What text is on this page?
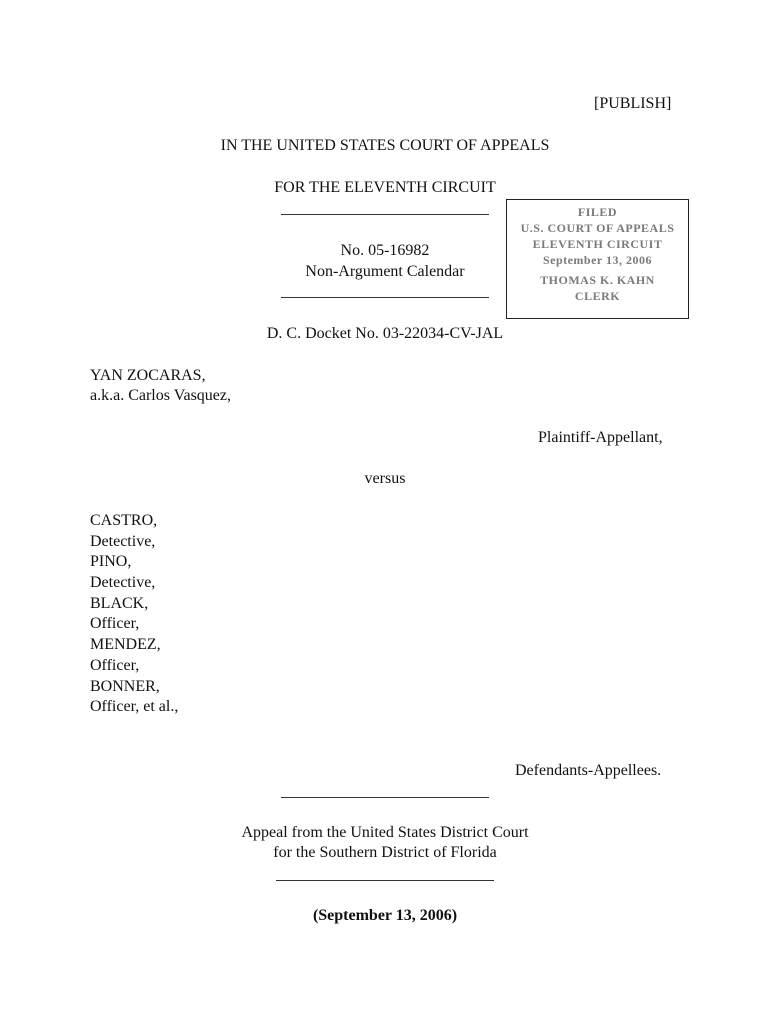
[PUBLISH]
IN THE UNITED STATES COURT OF APPEALS
FOR THE ELEVENTH CIRCUIT
No. 05-16982
Non-Argument Calendar
FILED
U.S. COURT OF APPEALS
ELEVENTH CIRCUIT
September 13, 2006
THOMAS K. KAHN
CLERK
D. C. Docket No. 03-22034-CV-JAL
YAN ZOCARAS,
a.k.a. Carlos Vasquez,
Plaintiff-Appellant,
versus
CASTRO,
Detective,
PINO,
Detective,
BLACK,
Officer,
MENDEZ,
Officer,
BONNER,
Officer, et al.,
Defendants-Appellees.
Appeal from the United States District Court
for the Southern District of Florida
(September 13, 2006)
